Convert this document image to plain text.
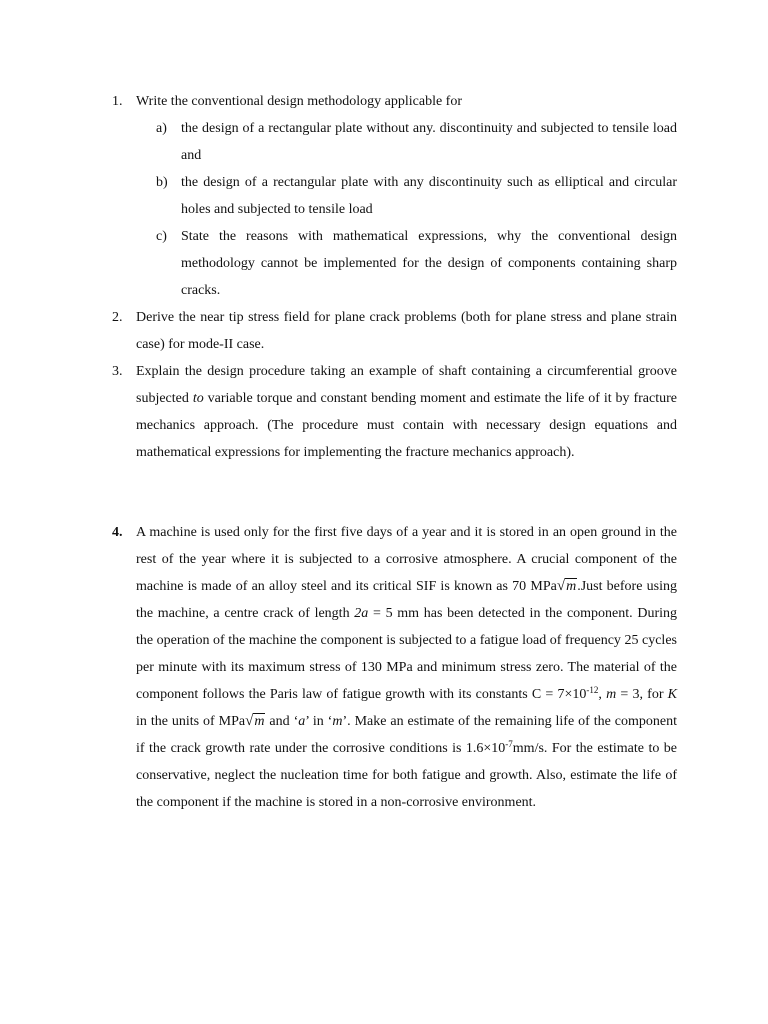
1. Write the conventional design methodology applicable for
a)	the design of a rectangular plate without any. discontinuity and subjected to tensile load and
b) the design of a rectangular plate with any discontinuity such as elliptical and circular holes and subjected to tensile load
c)	State the reasons with mathematical expressions, why the conventional design methodology cannot be implemented for the design of components containing sharp cracks.
2. Derive the near tip stress field for plane crack problems (both for plane stress and plane strain case) for mode-II case.
3. Explain the design procedure taking an example of shaft containing a circumferential groove subjected to variable torque and constant bending moment and estimate the life of it by fracture mechanics approach. (The procedure must contain with necessary design equations and mathematical expressions for implementing the fracture mechanics approach).
4. A machine is used only for the first five days of a year and it is stored in an open ground in the rest of the year where it is subjected to a corrosive atmosphere. A crucial component of the machine is made of an alloy steel and its critical SIF is known as 70 MPa√m.Just before using the machine, a centre crack of length 2a = 5 mm has been detected in the component. During the operation of the machine the component is subjected to a fatigue load of frequency 25 cycles per minute with its maximum stress of 130 MPa and minimum stress zero. The material of the component follows the Paris law of fatigue growth with its constants $C = 7\times 10^{-12}$, m = 3, for K in the units of MPa√m and ‘a’ in ‘m’. Make an estimate of the remaining life of the component if the crack growth rate under the corrosive conditions is $1.6\times 10^{-7}mm/s$. For the estimate to be conservative, neglect the nucleation time for both fatigue and growth. Also, estimate the life of the component if the machine is stored in a non-corrosive environment.
